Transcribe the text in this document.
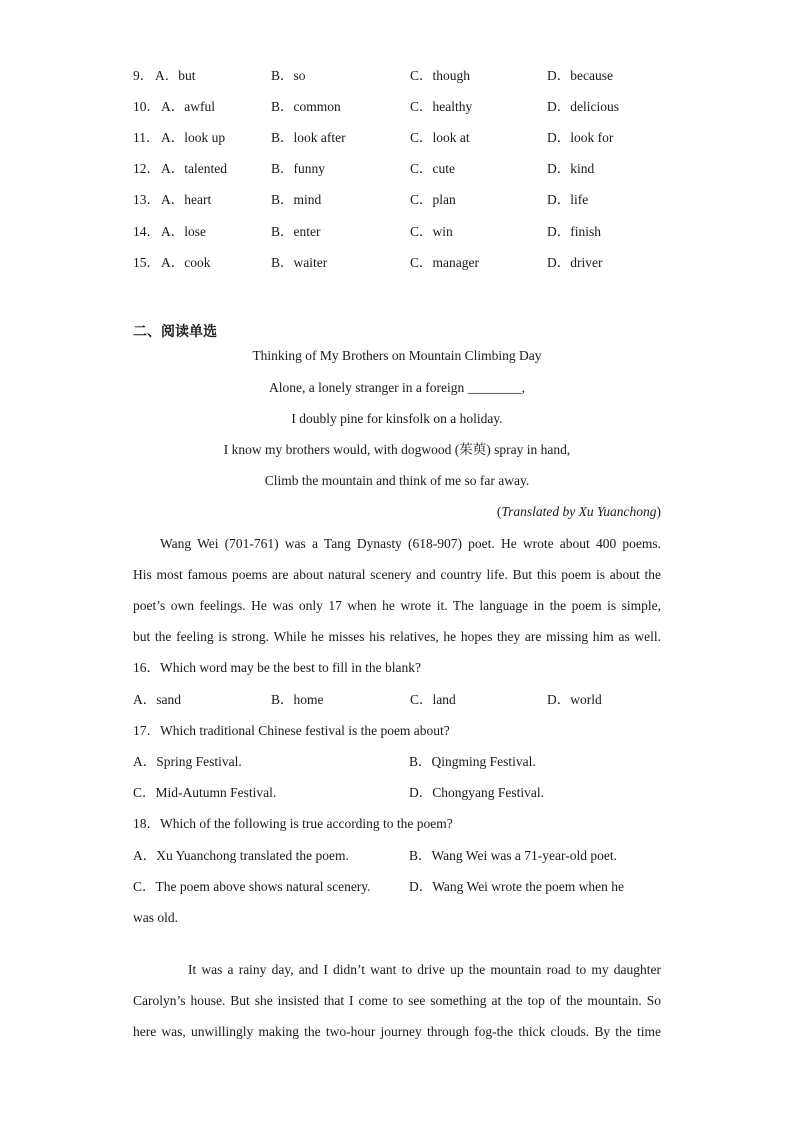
9． A．but	B．so	C．though	D．because
10． A．awful	B．common	C．healthy	D．delicious
11． A．look up	B．look after	C．look at	D．look for
12． A．talented	B．funny	C．cute	D．kind
13． A．heart	B．mind	C．plan	D．life
14． A．lose	B．enter	C．win	D．finish
15． A．cook	B．waiter	C．manager	D．driver
二、阅读单选
Thinking of My Brothers on Mountain Climbing Day
Alone, a lonely stranger in a foreign ________,
I doubly pine for kinsfolk on a holiday.
I know my brothers would, with dogwood (茱萸) spray in hand,
Climb the mountain and think of me so far away.
(Translated by Xu Yuanchong)
Wang Wei (701-761) was a Tang Dynasty (618-907) poet. He wrote about 400 poems.
His most famous poems are about natural scenery and country life. But this poem is about the
poet’s own feelings. He was only 17 when he wrote it. The language in the poem is simple,
but the feeling is strong. While he misses his relatives, he hopes they are missing him as well.
16．Which word may be the best to fill in the blank?
A．sand	B．home	C．land	D．world
17．Which traditional Chinese festival is the poem about?
A．Spring Festival.	B．Qingming Festival.
C．Mid-Autumn Festival.	D．Chongyang Festival.
18．Which of the following is true according to the poem?
A．Xu Yuanchong translated the poem.	B．Wang Wei was a 71-year-old poet.
C．The poem above shows natural scenery.	D．Wang Wei wrote the poem when he
was old.
It was a rainy day, and I didn’t want to drive up the mountain road to my daughter
Carolyn’s house. But she insisted that I come to see something at the top of the mountain. So
here was, unwillingly making the two-hour journey through fog-the thick clouds. By the time
